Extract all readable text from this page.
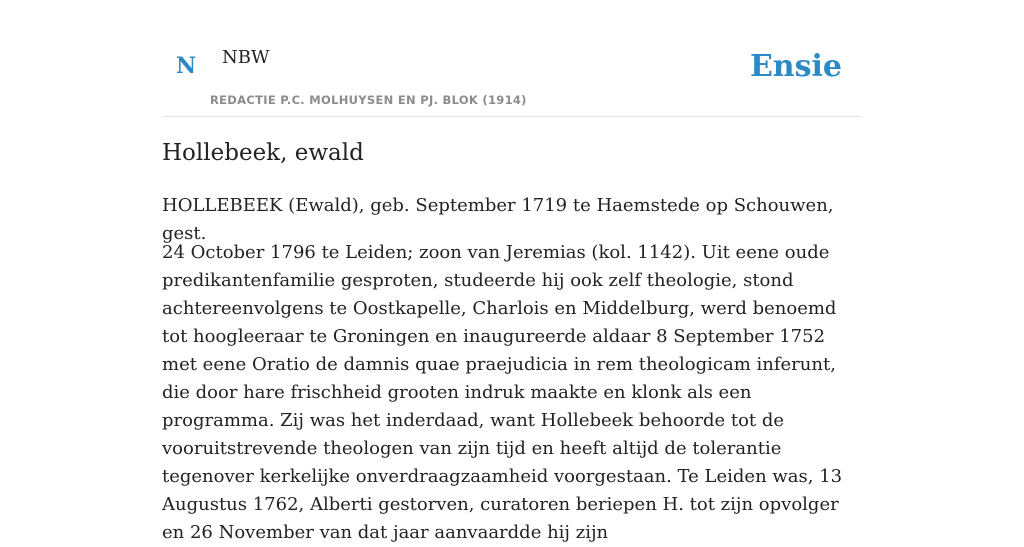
N NBW
REDACTIE P.C. MOLHUYSEN EN PJ. BLOK (1914)
Ensie
Hollebeek, ewald

HOLLEBEEK (Ewald), geb. September 1719 te Haemstede op Schouwen, gest.

24 October 1796 te Leiden; zoon van Jeremias (kol. 1142). Uit eene oude predikantenfamilie gesproten, studeerde hij ook zelf theologie, stond achtereenvolgens te Oostkapelle, Charlois en Middelburg, werd benoemd tot hoogleeraar te Groningen en inaugureerde aldaar 8 September 1752 met eene Oratio de damnis quae praejudicia in rem theologicam inferunt, die door hare frischheid grooten indruk maakte en klonk als een programma. Zij was het inderdaad, want Hollebeek behoorde tot de vooruitstrevende theologen van zijn tijd en heeft altijd de tolerantie tegenover kerkelijke onverdraagzaamheid voorgestaan. Te Leiden was, 13 Augustus 1762, Alberti gestorven, curatoren beriepen H. tot zijn opvolger en 26 November van dat jaar aanvaardde hij zijn
